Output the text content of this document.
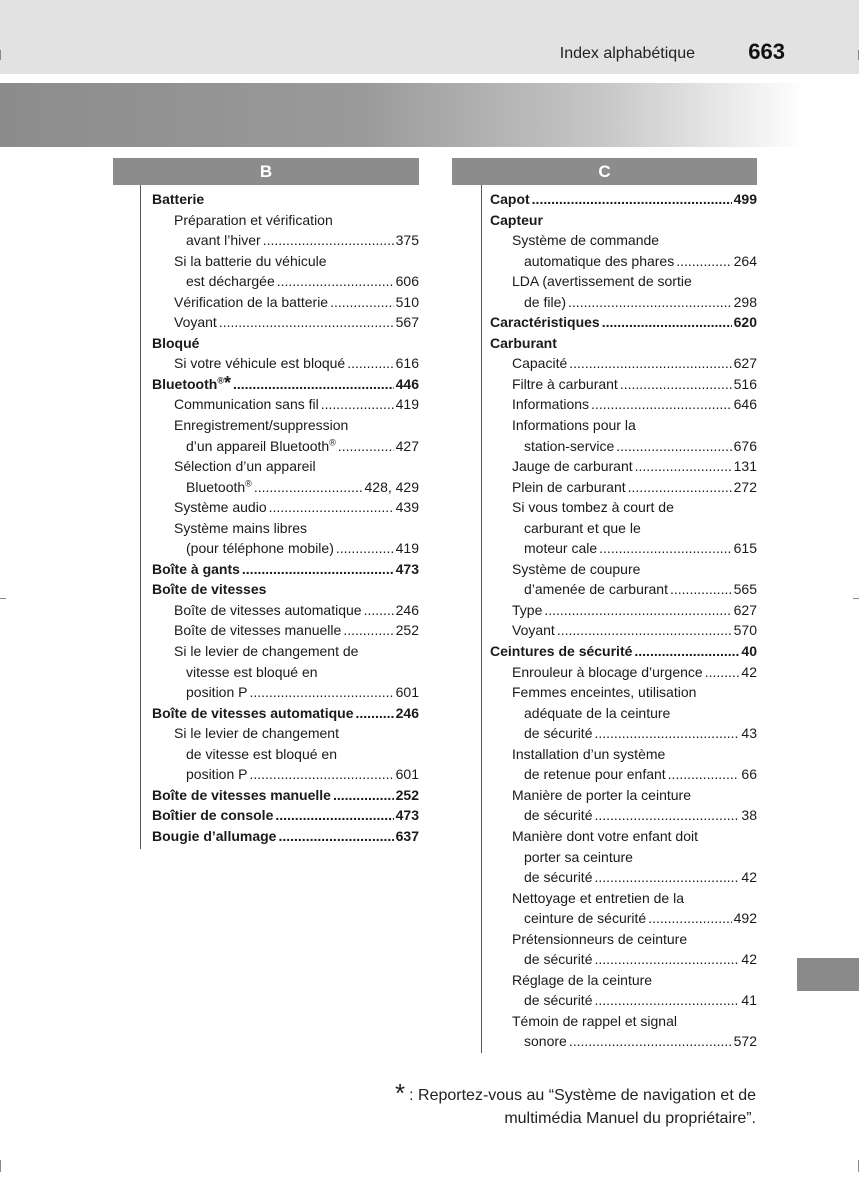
Index alphabétique 663
B	C
Batterie
Préparation et vérification
avant l’hiver .....	375
Si la batterie du véhicule
est déchargée .....	606
Vérification de la batterie .....	510
Voyant .....	567
Bloqué
Si votre véhicule est bloqué .....	616
Bluetooth®* .....	446
Communication sans fil .....	419
Enregistrement/suppression
d’un appareil Bluetooth® .....	427
Sélection d’un appareil
Bluetooth® .....	428, 429
Système audio .....	439
Système mains libres
(pour téléphone mobile) .....	419
Boîte à gants .....	473
Boîte de vitesses
Boîte de vitesses automatique ..... 246
Boîte de vitesses manuelle .....	252
Si le levier de changement de
vitesse est bloqué en
position P .....	601
Boîte de vitesses automatique .....	246
Si le levier de changement
de vitesse est bloqué en
position P .....	601
Boîte de vitesses manuelle .....	252
Boîtier de console .....	473
Bougie d’allumage .....	637
Capot .....	499
Capteur
Système de commande
automatique des phares .....	264
LDA (avertissement de sortie
de file) .....	298
Caractéristiques .....	620
Carburant
Capacité .....	627
Filtre à carburant .....	516
Informations .....	646
Informations pour la
station-service .....	676
Jauge de carburant .....	131
Plein de carburant .....	272
Si vous tombez à court de
carburant et que le
moteur cale .....	615
Système de coupure
d’amenée de carburant .....	565
Type .....	627
Voyant .....	570
Ceintures de sécurité .....	40
Enrouleur à blocage d’urgence .....	42
Femmes enceintes, utilisation
adéquate de la ceinture
de sécurité .....	43
Installation d’un système
de retenue pour enfant .....	66
Manière de porter la ceinture
de sécurité .....	38
Manière dont votre enfant doit
porter sa ceinture
de sécurité .....	42
Nettoyage et entretien de la
ceinture de sécurité .....	492
Prétensionneurs de ceinture
de sécurité .....	42
Réglage de la ceinture
de sécurité .....	41
Témoin de rappel et signal
sonore .....	572
* : Reportez-vous au “Système de navigation et de
multimédia Manuel du propriétaire”.
